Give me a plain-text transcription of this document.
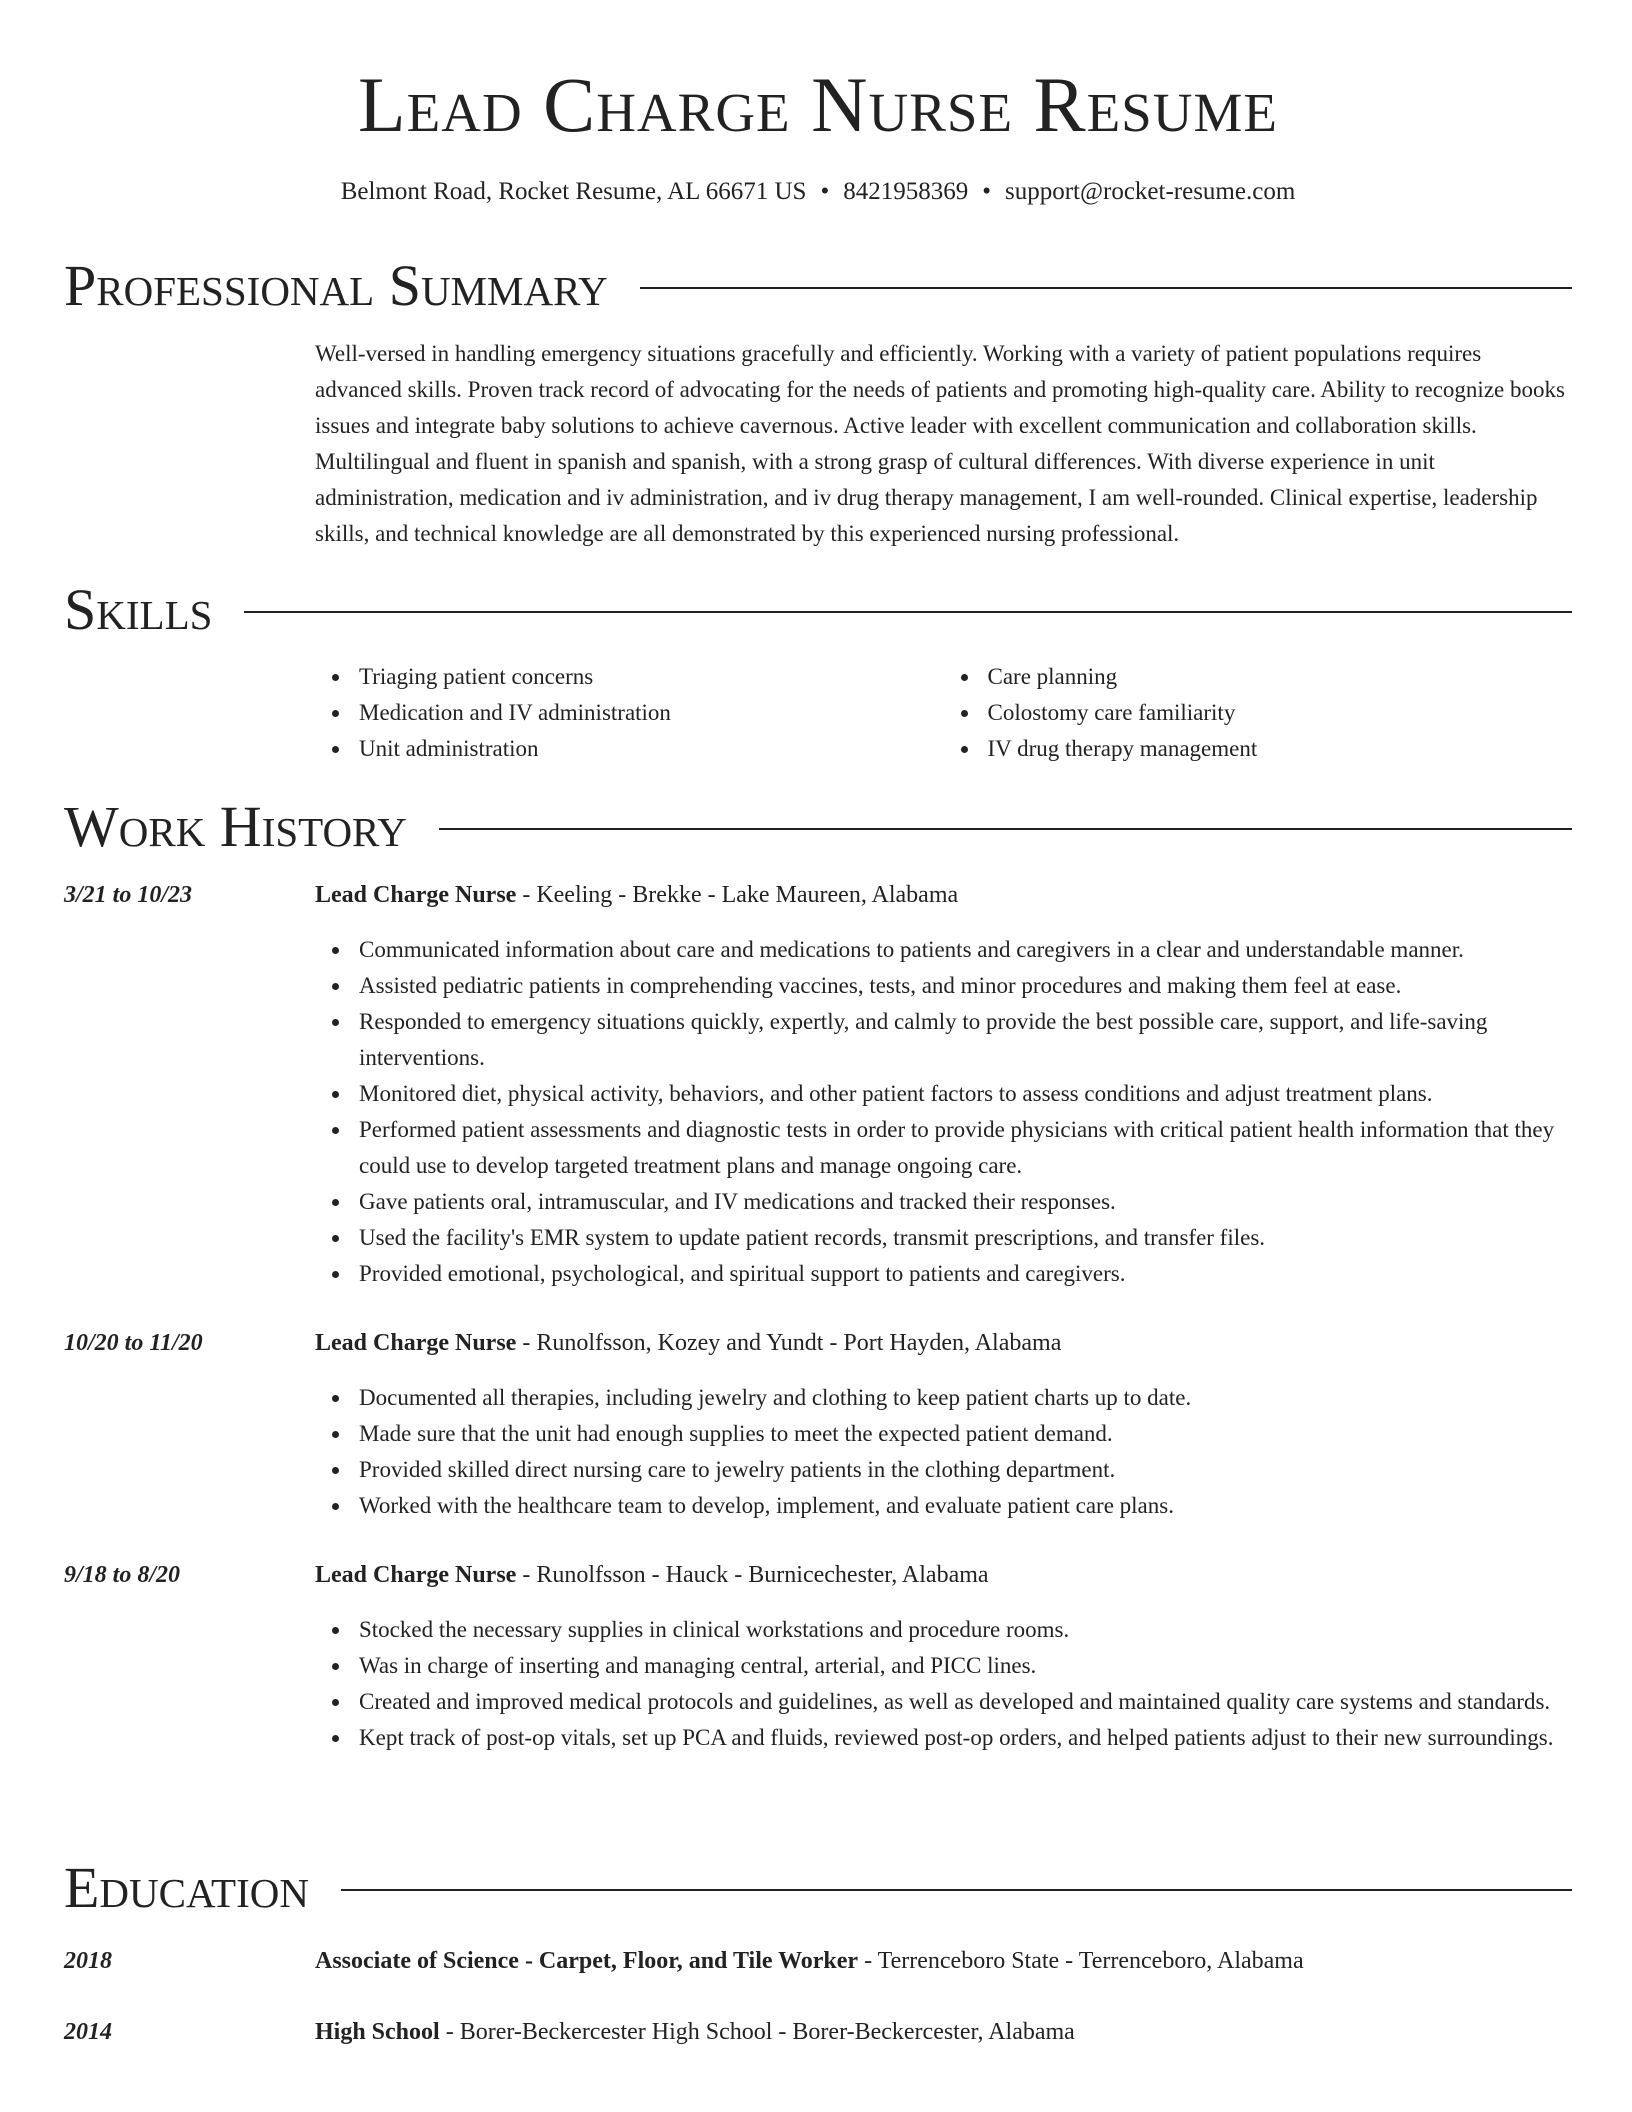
Lead Charge Nurse Resume
Belmont Road, Rocket Resume, AL 66671 US • 8421958369 • support@rocket-resume.com
Professional Summary
Well-versed in handling emergency situations gracefully and efficiently. Working with a variety of patient populations requires advanced skills. Proven track record of advocating for the needs of patients and promoting high-quality care. Ability to recognize books issues and integrate baby solutions to achieve cavernous. Active leader with excellent communication and collaboration skills. Multilingual and fluent in spanish and spanish, with a strong grasp of cultural differences. With diverse experience in unit administration, medication and iv administration, and iv drug therapy management, I am well-rounded. Clinical expertise, leadership skills, and technical knowledge are all demonstrated by this experienced nursing professional.
Skills
Triaging patient concerns
Medication and IV administration
Unit administration
Care planning
Colostomy care familiarity
IV drug therapy management
Work History
3/21 to 10/23	Lead Charge Nurse - Keeling - Brekke - Lake Maureen, Alabama
Communicated information about care and medications to patients and caregivers in a clear and understandable manner.
Assisted pediatric patients in comprehending vaccines, tests, and minor procedures and making them feel at ease.
Responded to emergency situations quickly, expertly, and calmly to provide the best possible care, support, and life-saving interventions.
Monitored diet, physical activity, behaviors, and other patient factors to assess conditions and adjust treatment plans.
Performed patient assessments and diagnostic tests in order to provide physicians with critical patient health information that they could use to develop targeted treatment plans and manage ongoing care.
Gave patients oral, intramuscular, and IV medications and tracked their responses.
Used the facility's EMR system to update patient records, transmit prescriptions, and transfer files.
Provided emotional, psychological, and spiritual support to patients and caregivers.
10/20 to 11/20	Lead Charge Nurse - Runolfsson, Kozey and Yundt - Port Hayden, Alabama
Documented all therapies, including jewelry and clothing to keep patient charts up to date.
Made sure that the unit had enough supplies to meet the expected patient demand.
Provided skilled direct nursing care to jewelry patients in the clothing department.
Worked with the healthcare team to develop, implement, and evaluate patient care plans.
9/18 to 8/20	Lead Charge Nurse - Runolfsson - Hauck - Burnicechester, Alabama
Stocked the necessary supplies in clinical workstations and procedure rooms.
Was in charge of inserting and managing central, arterial, and PICC lines.
Created and improved medical protocols and guidelines, as well as developed and maintained quality care systems and standards.
Kept track of post-op vitals, set up PCA and fluids, reviewed post-op orders, and helped patients adjust to their new surroundings.
Education
2018	Associate of Science - Carpet, Floor, and Tile Worker - Terrenceboro State - Terrenceboro, Alabama
2014	High School - Borer-Beckercester High School - Borer-Beckercester, Alabama
